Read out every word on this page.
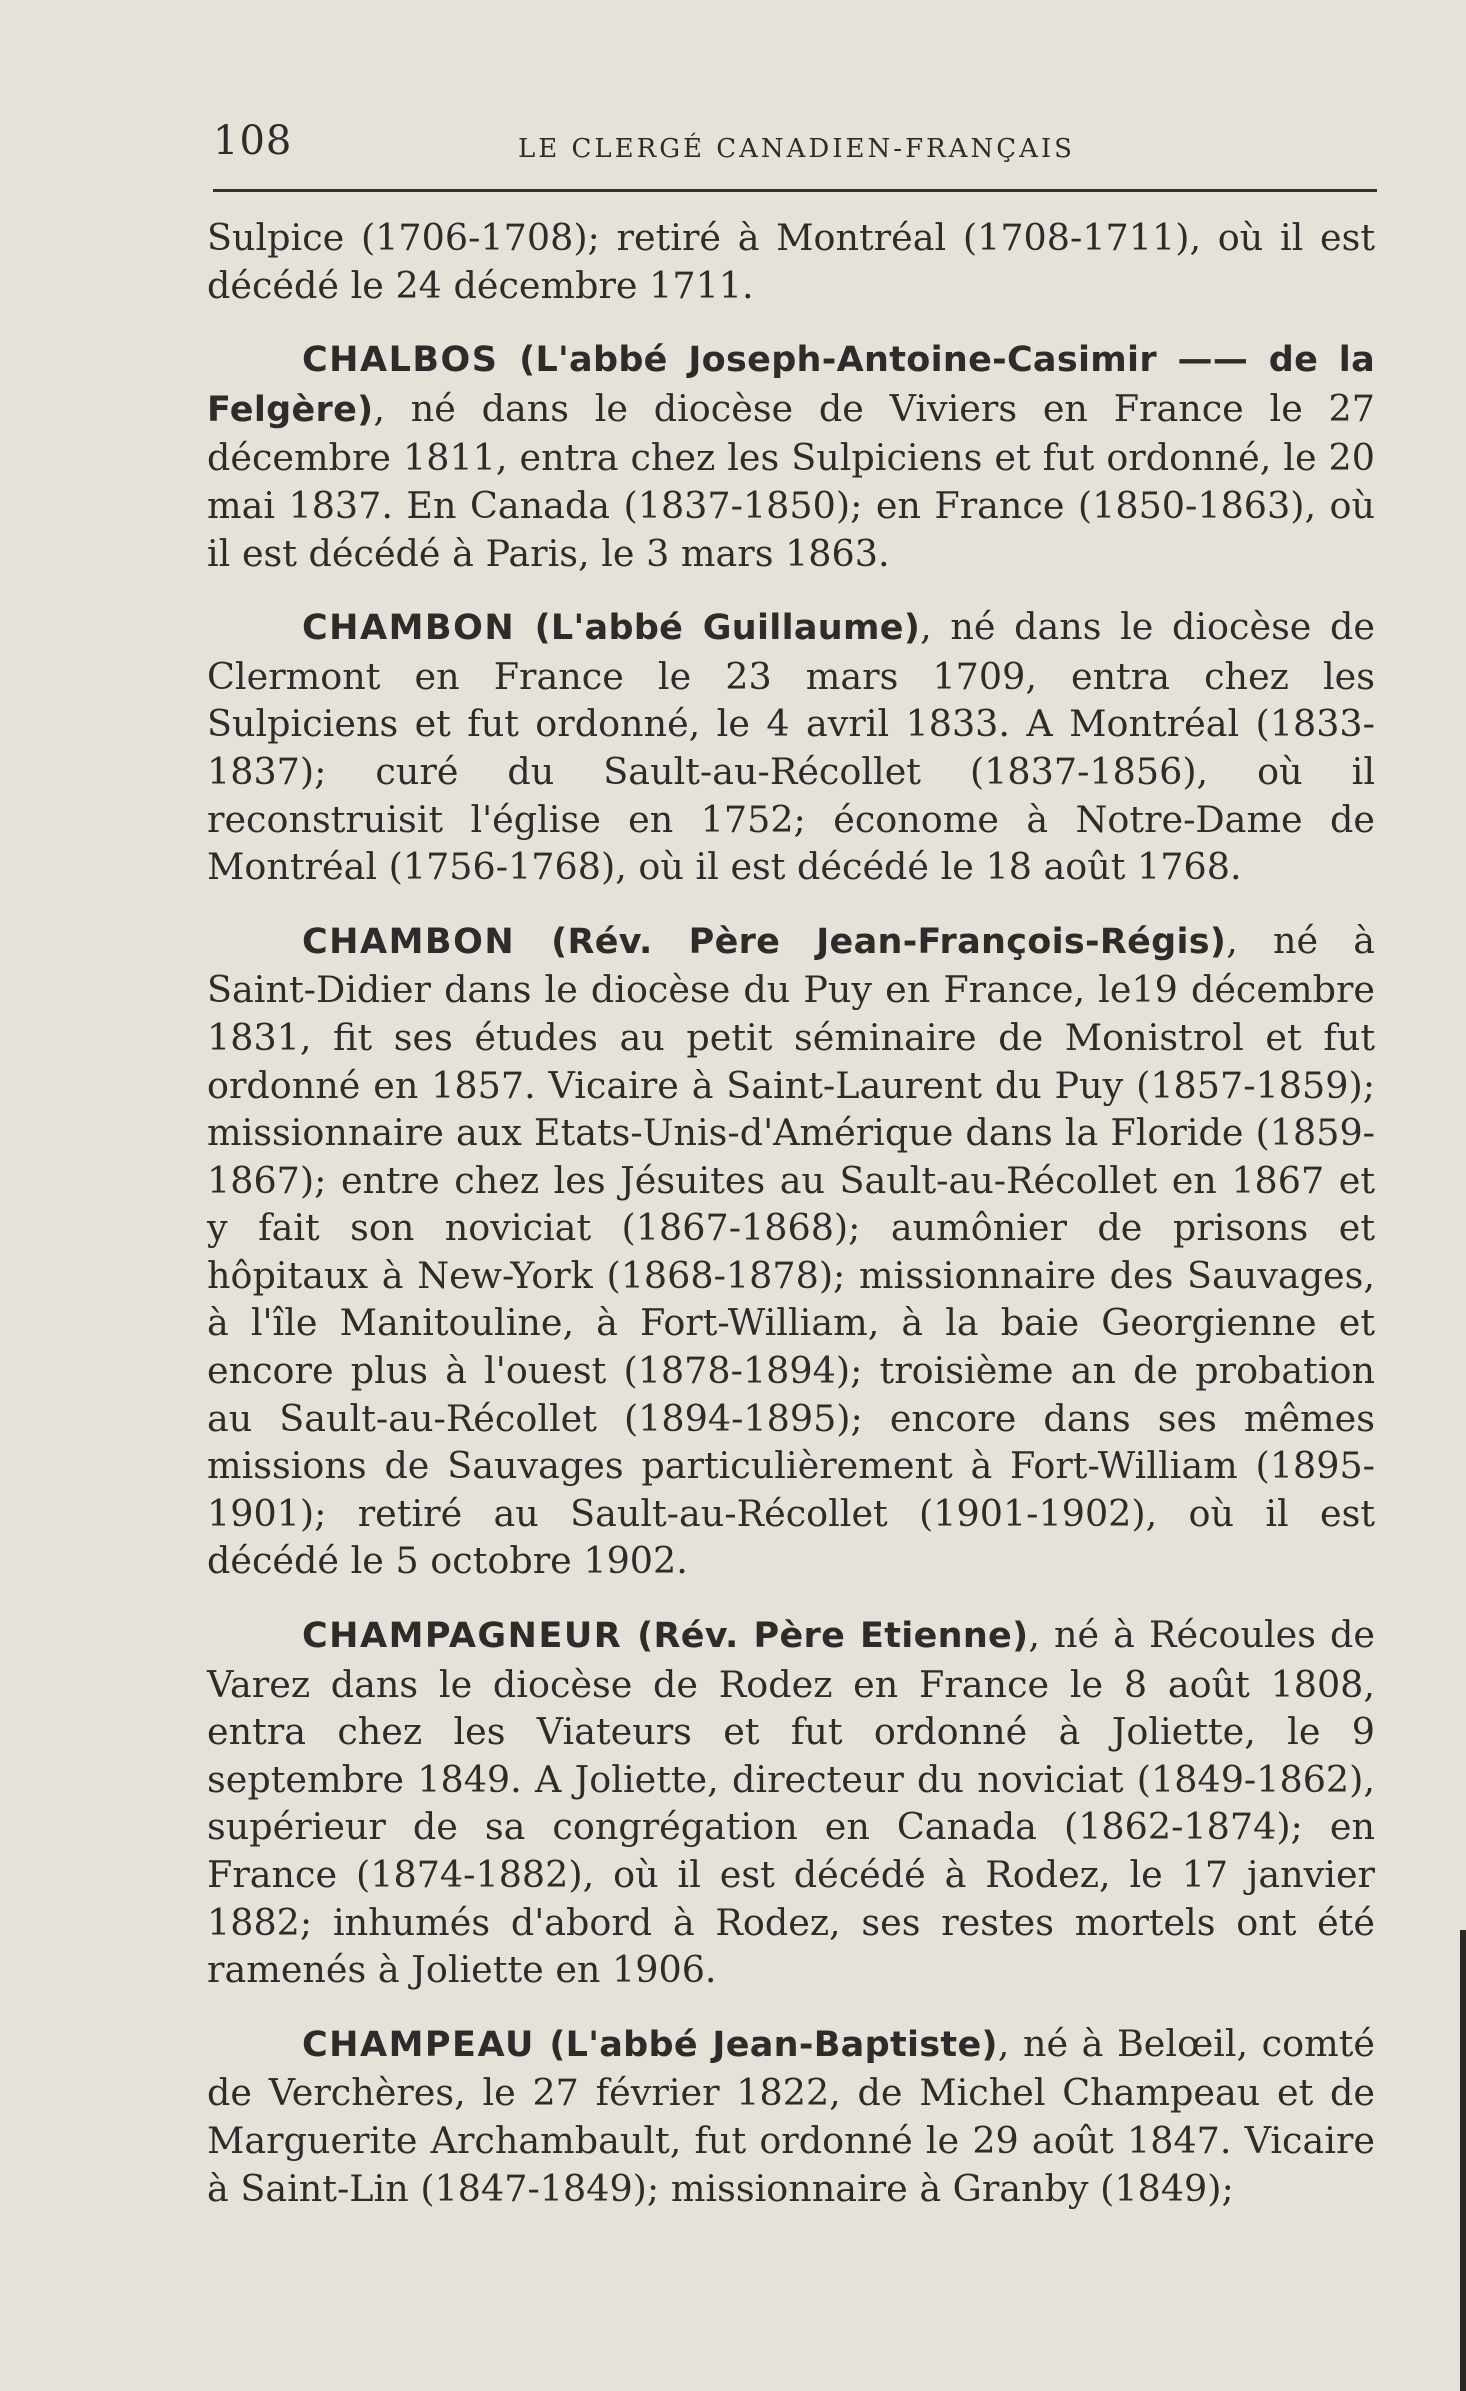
108	LE CLERGÉ CANADIEN-FRANÇAIS

Sulpice (1706-1708); retiré à Montréal (1708-1711), où il est décédé le 24 décembre 1711.

CHALBOS (L'abbé Joseph-Antoine-Casimir —— de la Felgère), né dans le diocèse de Viviers en France le 27 décembre 1811, entra chez les Sulpiciens et fut ordonné, le 20 mai 1837. En Canada (1837-1850); en France (1850-1863), où il est décédé à Paris, le 3 mars 1863.

CHAMBON (L'abbé Guillaume), né dans le diocèse de Clermont en France le 23 mars 1709, entra chez les Sulpiciens et fut ordonné, le 4 avril 1833. A Montréal (1833-1837); curé du Sault-au-Récollet (1837-1856), où il reconstruisit l'église en 1752; économe à Notre-Dame de Montréal (1756-1768), où il est décédé le 18 août 1768.

CHAMBON (Rév. Père Jean-François-Régis), né à Saint-Didier dans le diocèse du Puy en France, le19 décembre 1831, fit ses études au petit séminaire de Monistrol et fut ordonné en 1857. Vicaire à Saint-Laurent du Puy (1857-1859); missionnaire aux Etats-Unis-d'Amérique dans la Floride (1859-1867); entre chez les Jésuites au Sault-au-Récollet en 1867 et y fait son noviciat (1867-1868); aumônier de prisons et hôpitaux à New-York (1868-1878); missionnaire des Sauvages, à l'île Manitouline, à Fort-William, à la baie Georgienne et encore plus à l'ouest (1878-1894); troisième an de probation au Sault-au-Récollet (1894-1895); encore dans ses mêmes missions de Sauvages particulièrement à Fort-William (1895-1901); retiré au Sault-au-Récollet (1901-1902), où il est décédé le 5 octobre 1902.

CHAMPAGNEUR (Rév. Père Etienne), né à Récoules de Varez dans le diocèse de Rodez en France le 8 août 1808, entra chez les Viateurs et fut ordonné à Joliette, le 9 septembre 1849. A Joliette, directeur du noviciat (1849-1862), supérieur de sa congrégation en Canada (1862-1874); en France (1874-1882), où il est décédé à Rodez, le 17 janvier 1882; inhumés d'abord à Rodez, ses restes mortels ont été ramenés à Joliette en 1906.

CHAMPEAU (L'abbé Jean-Baptiste), né à Belœil, comté de Verchères, le 27 février 1822, de Michel Champeau et de Marguerite Archambault, fut ordonné le 29 août 1847. Vicaire à Saint-Lin (1847-1849); missionnaire à Granby (1849);
